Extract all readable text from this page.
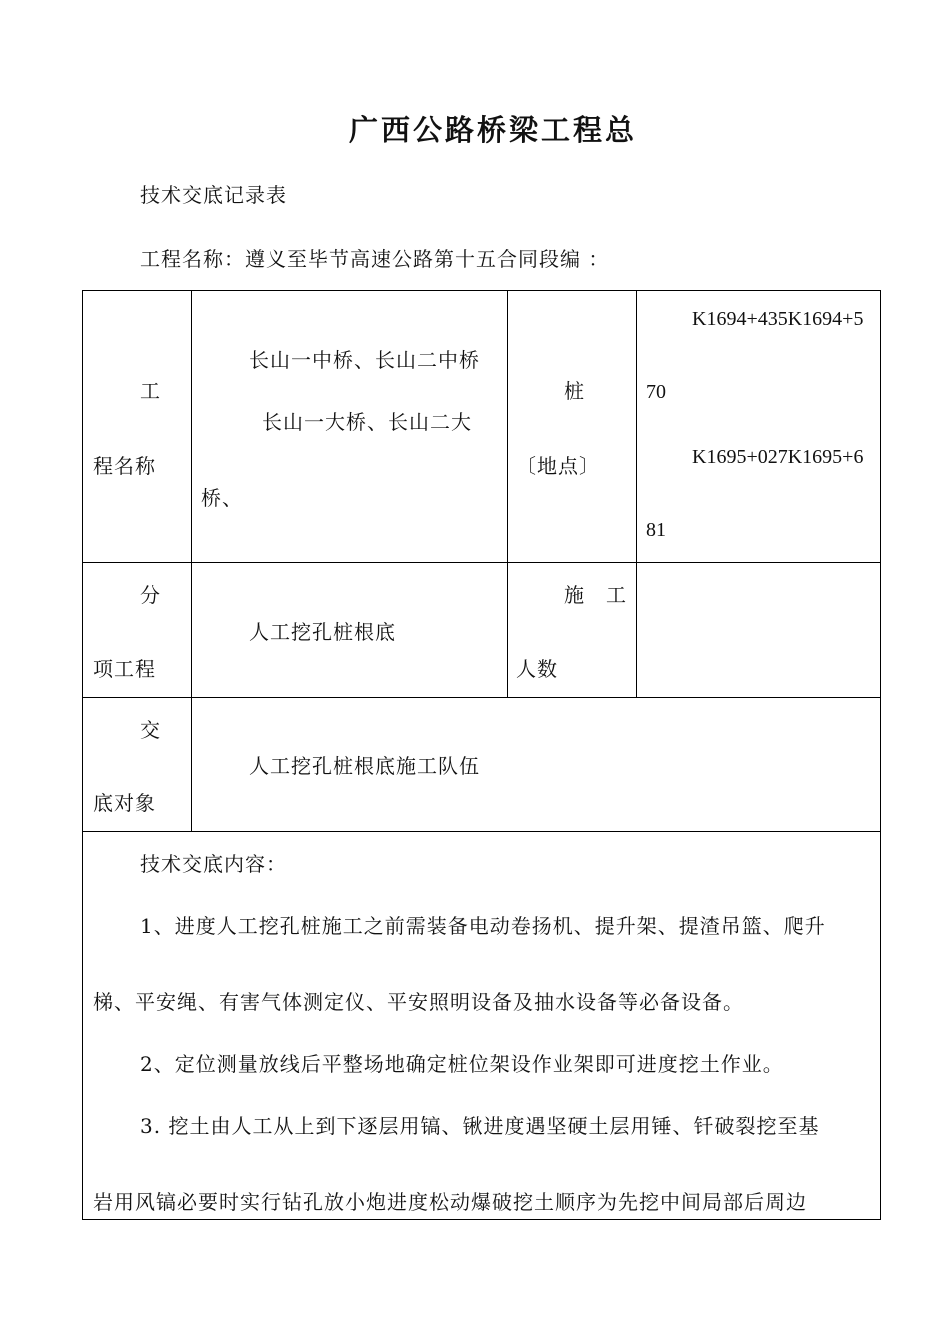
广西公路桥梁工程总
技术交底记录表
工程名称：遵义至毕节高速公路第十五合同段编 ：
工
程名称
长山一中桥、长山二中桥
长山一大桥、长山二大
桥、
桩
〔地点〕
K1694+435K1694+5
70
K1695+027K1695+6
81
分
项工程
人工挖孔桩根底
施　工
人数
交
底对象
人工挖孔桩根底施工队伍
技术交底内容：
1、进度人工挖孔桩施工之前需装备电动卷扬机、提升架、提渣吊篮、爬升
梯、平安绳、有害气体测定仪、平安照明设备及抽水设备等必备设备。
2、定位测量放线后平整场地确定桩位架设作业架即可进度挖土作业。
3. 挖土由人工从上到下逐层用镐、锹进度遇坚硬土层用锤、钎破裂挖至基
岩用风镐必要时实行钻孔放小炮进度松动爆破挖土顺序为先挖中间局部后周边
